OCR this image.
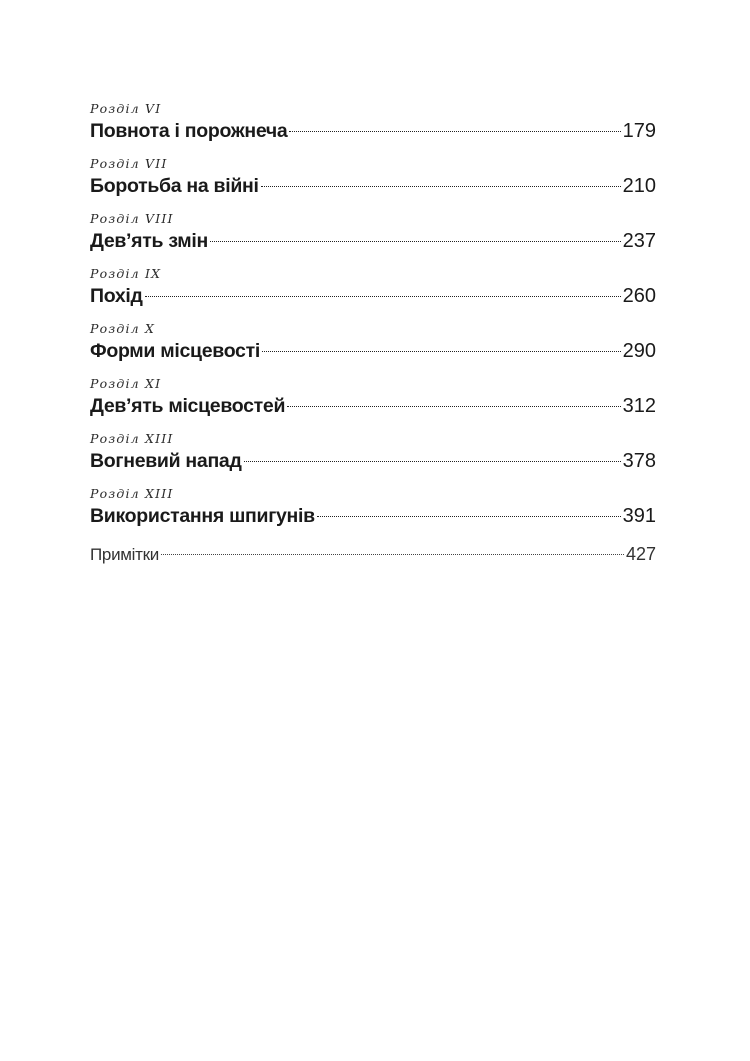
Розділ VI
Повнота і порожнеча	179
Розділ VII
Боротьба на війні	210
Розділ VIII
Дев’ять змін	237
Розділ IX
Похід	260
Розділ X
Форми місцевості	290
Розділ XI
Дев’ять місцевостей	312
Розділ XIII
Вогневий напад	378
Розділ XIII
Використання шпигунів	391
Примітки	427
